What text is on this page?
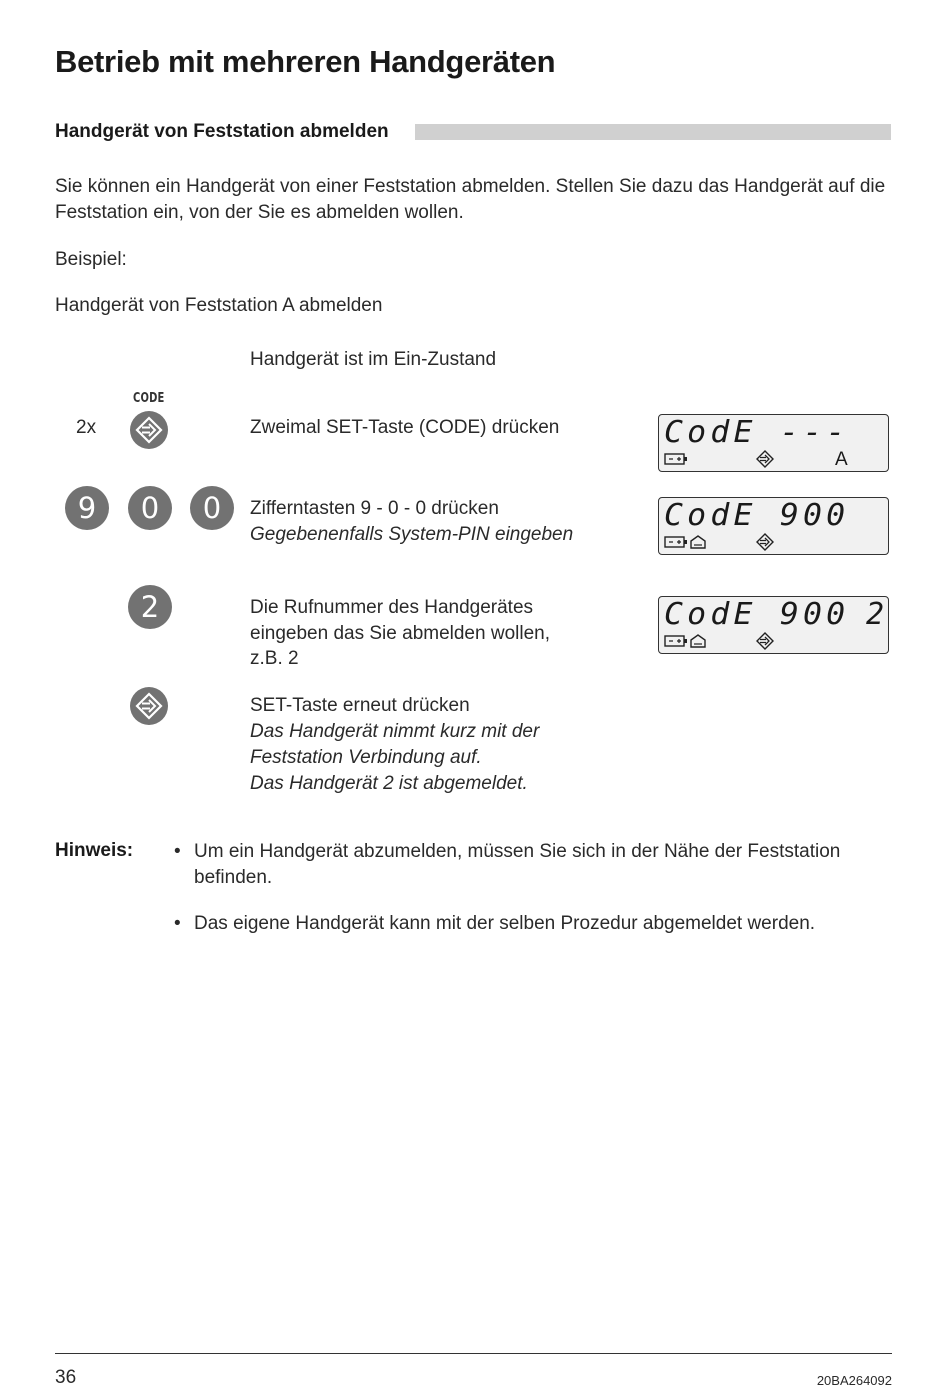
Betrieb mit mehreren Handgeräten
Handgerät von Feststation abmelden
Sie können ein Handgerät von einer Feststation abmelden. Stellen Sie dazu das Handgerät auf die Feststation ein, von der Sie es abmelden wollen.
Beispiel:
Handgerät von Feststation A abmelden
Handgerät ist im Ein-Zustand
CODE
2x	Zweimal SET-Taste (CODE) drücken	CodE ---
A
9	0	0	Zifferntasten 9 - 0 - 0 drücken
Gegebenenfalls System-PIN eingeben
CodE 900
2	Die Rufnummer des Handgerätes
eingeben das Sie abmelden wollen,
z.B. 2
CodE 900 2
SET-Taste erneut drücken
Das Handgerät nimmt kurz mit der
Feststation Verbindung auf.
Das Handgerät 2 ist abgemeldet.
Hinweis: • Um ein Handgerät abzumelden, müssen Sie sich in der Nähe der Feststation befinden.
• Das eigene Handgerät kann mit der selben Prozedur abgemeldet werden.
36	20BA264092
